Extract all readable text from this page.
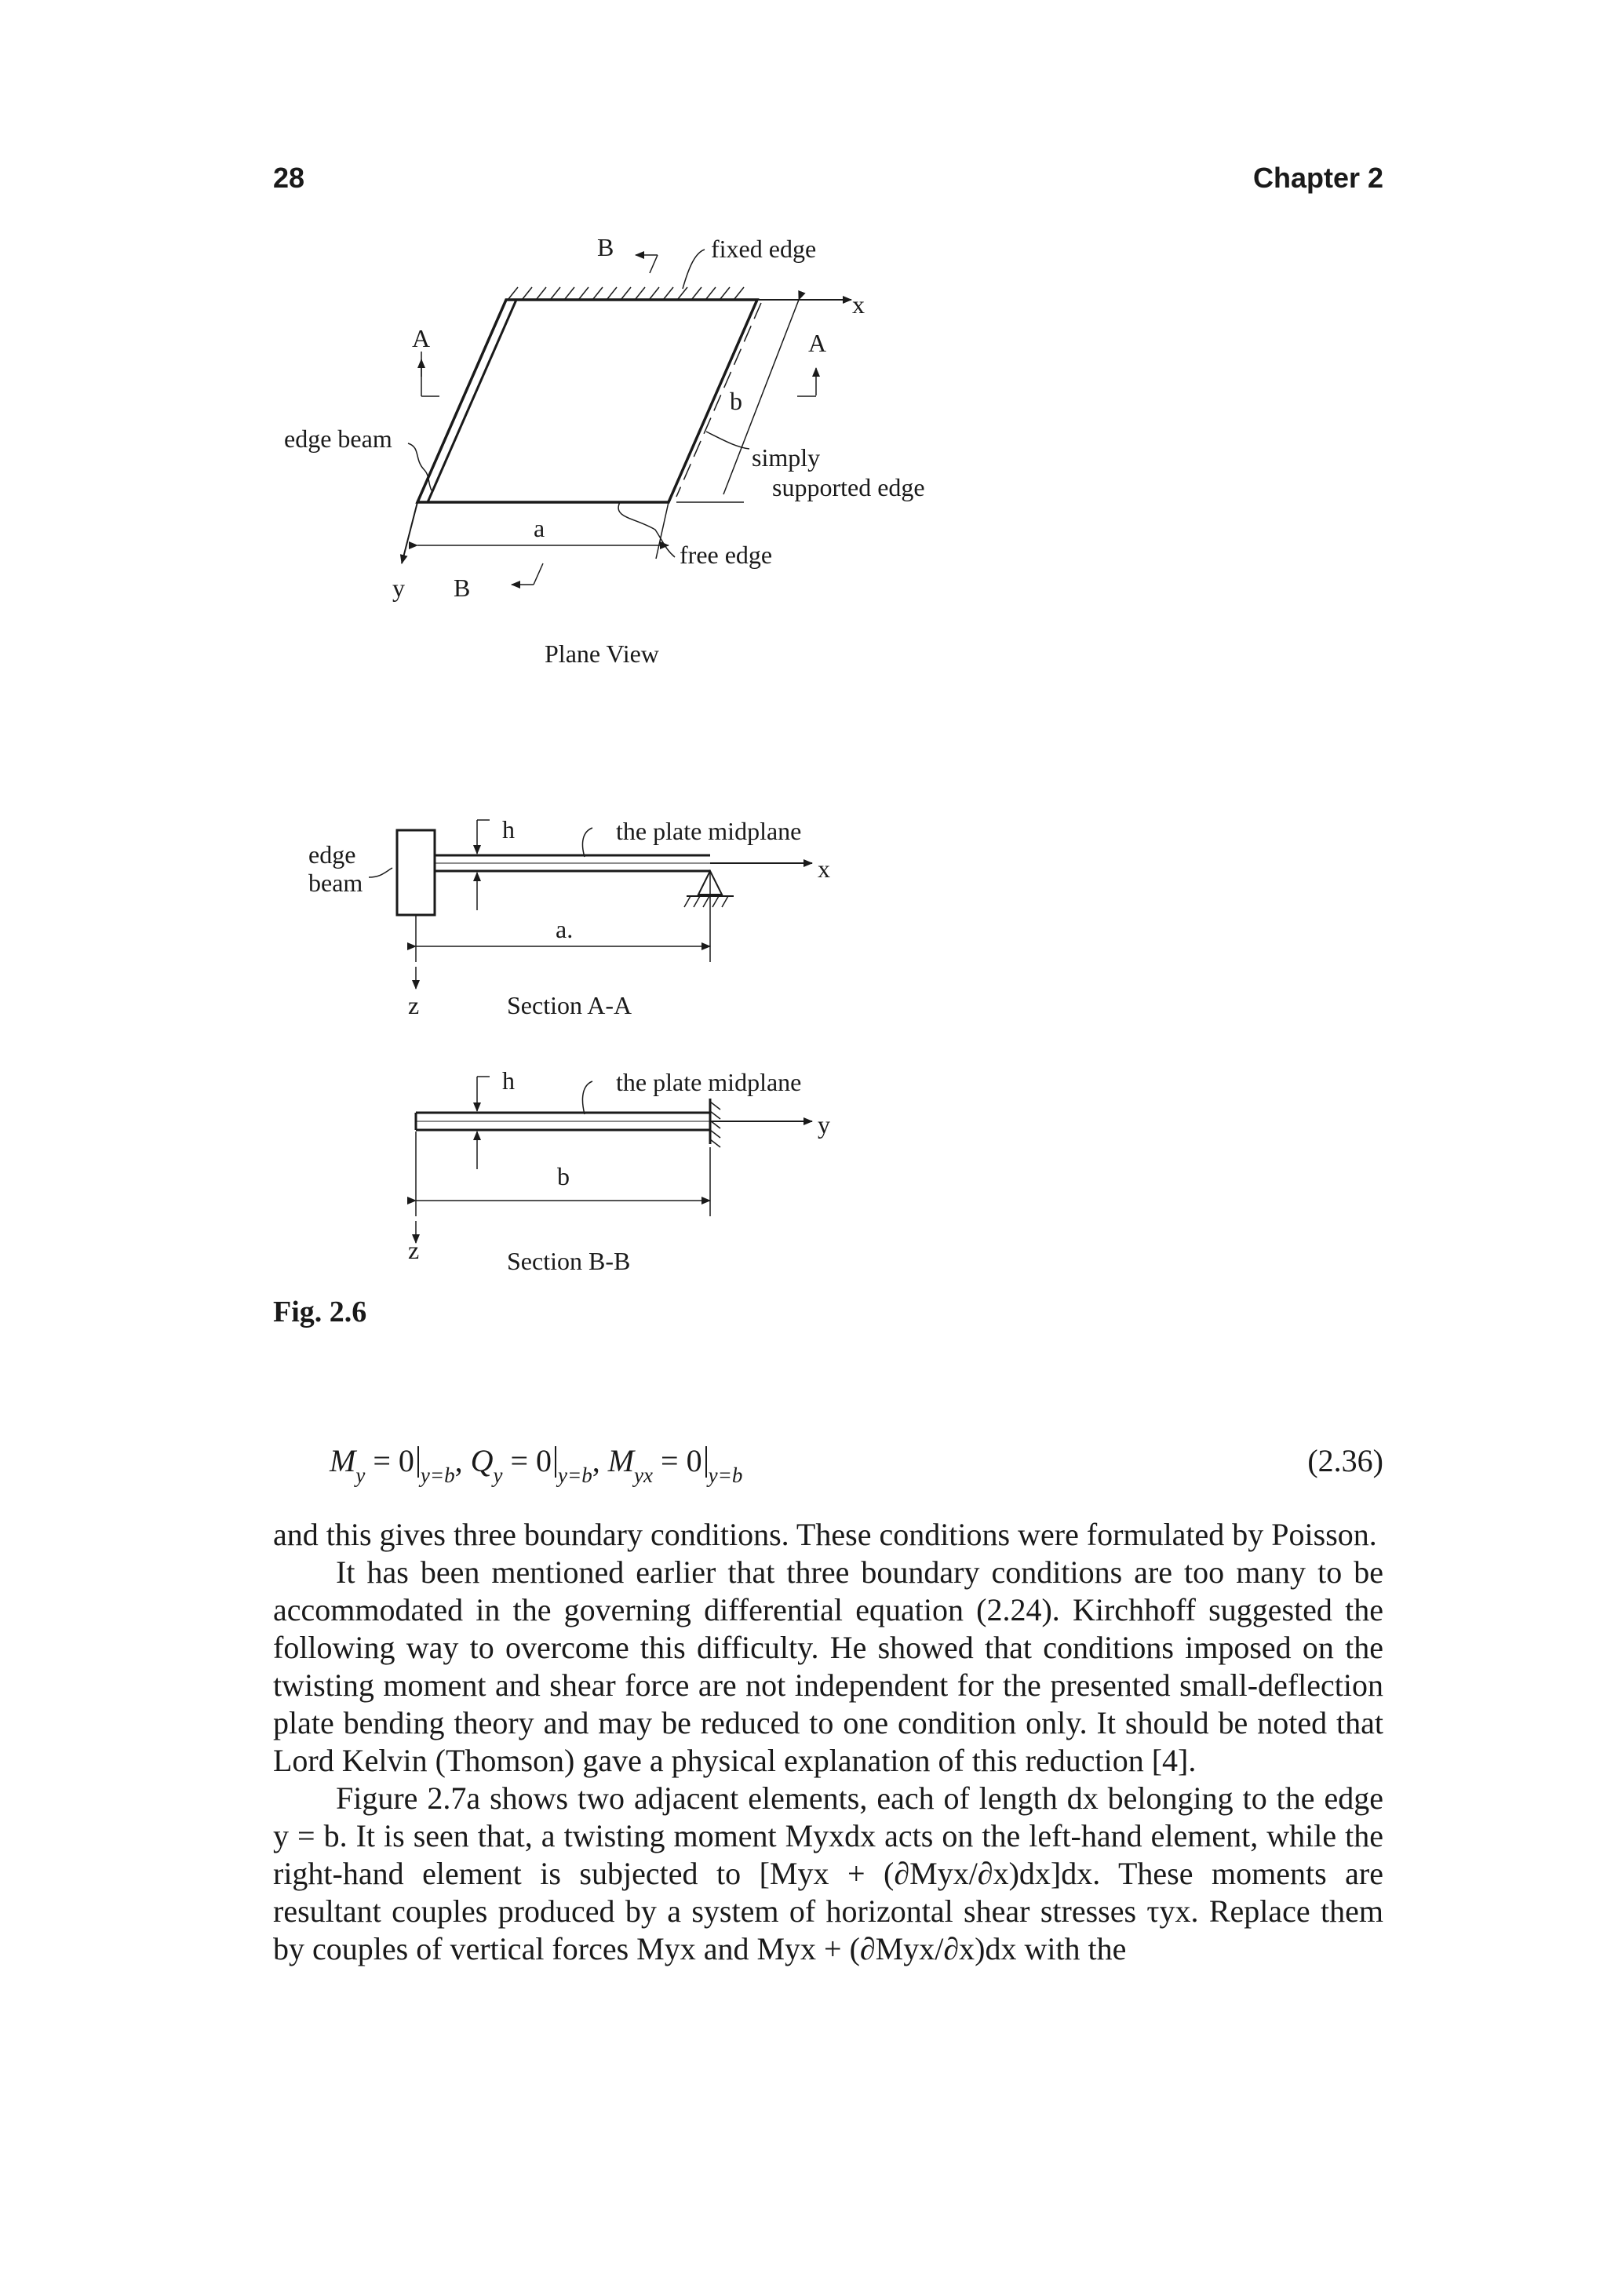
28	Chapter 2
B	fixed edge
x
A	A
b
edge beam
simply
supported edge
a
free edge
y B
Plane View
edge
beam
h	the plate midplane
x
a.
z	Section A-A
h	the plate midplane
y
b
z	Section B-B
Fig. 2.6
$M_y = 0$ $_{y=b}$, $Q_y = 0$ $_{y=b}$, $M_{yx} = 0$ $_{y=b}$	(2.36)

and this gives three boundary conditions. These conditions were formulated by Poisson.

It has been mentioned earlier that three boundary conditions are too many to be accommodated in the governing differential equation (2.24). Kirchhoff suggested the following way to overcome this difficulty. He showed that conditions imposed on the twisting moment and shear force are not independent for the presented small-deflection plate bending theory and may be reduced to one condition only. It should be noted that Lord Kelvin (Thomson) gave a physical explanation of this reduction [4].

Figure 2.7a shows two adjacent elements, each of length dx belonging to the edge y = b. It is seen that, a twisting moment Myxdx acts on the left-hand element, while the right-hand element is subjected to [Myx + (∂Myx/∂x)dx]dx. These moments are resultant couples produced by a system of horizontal shear stresses τyx. Replace them by couples of vertical forces Myx and Myx + (∂Myx/∂x)dx with the
